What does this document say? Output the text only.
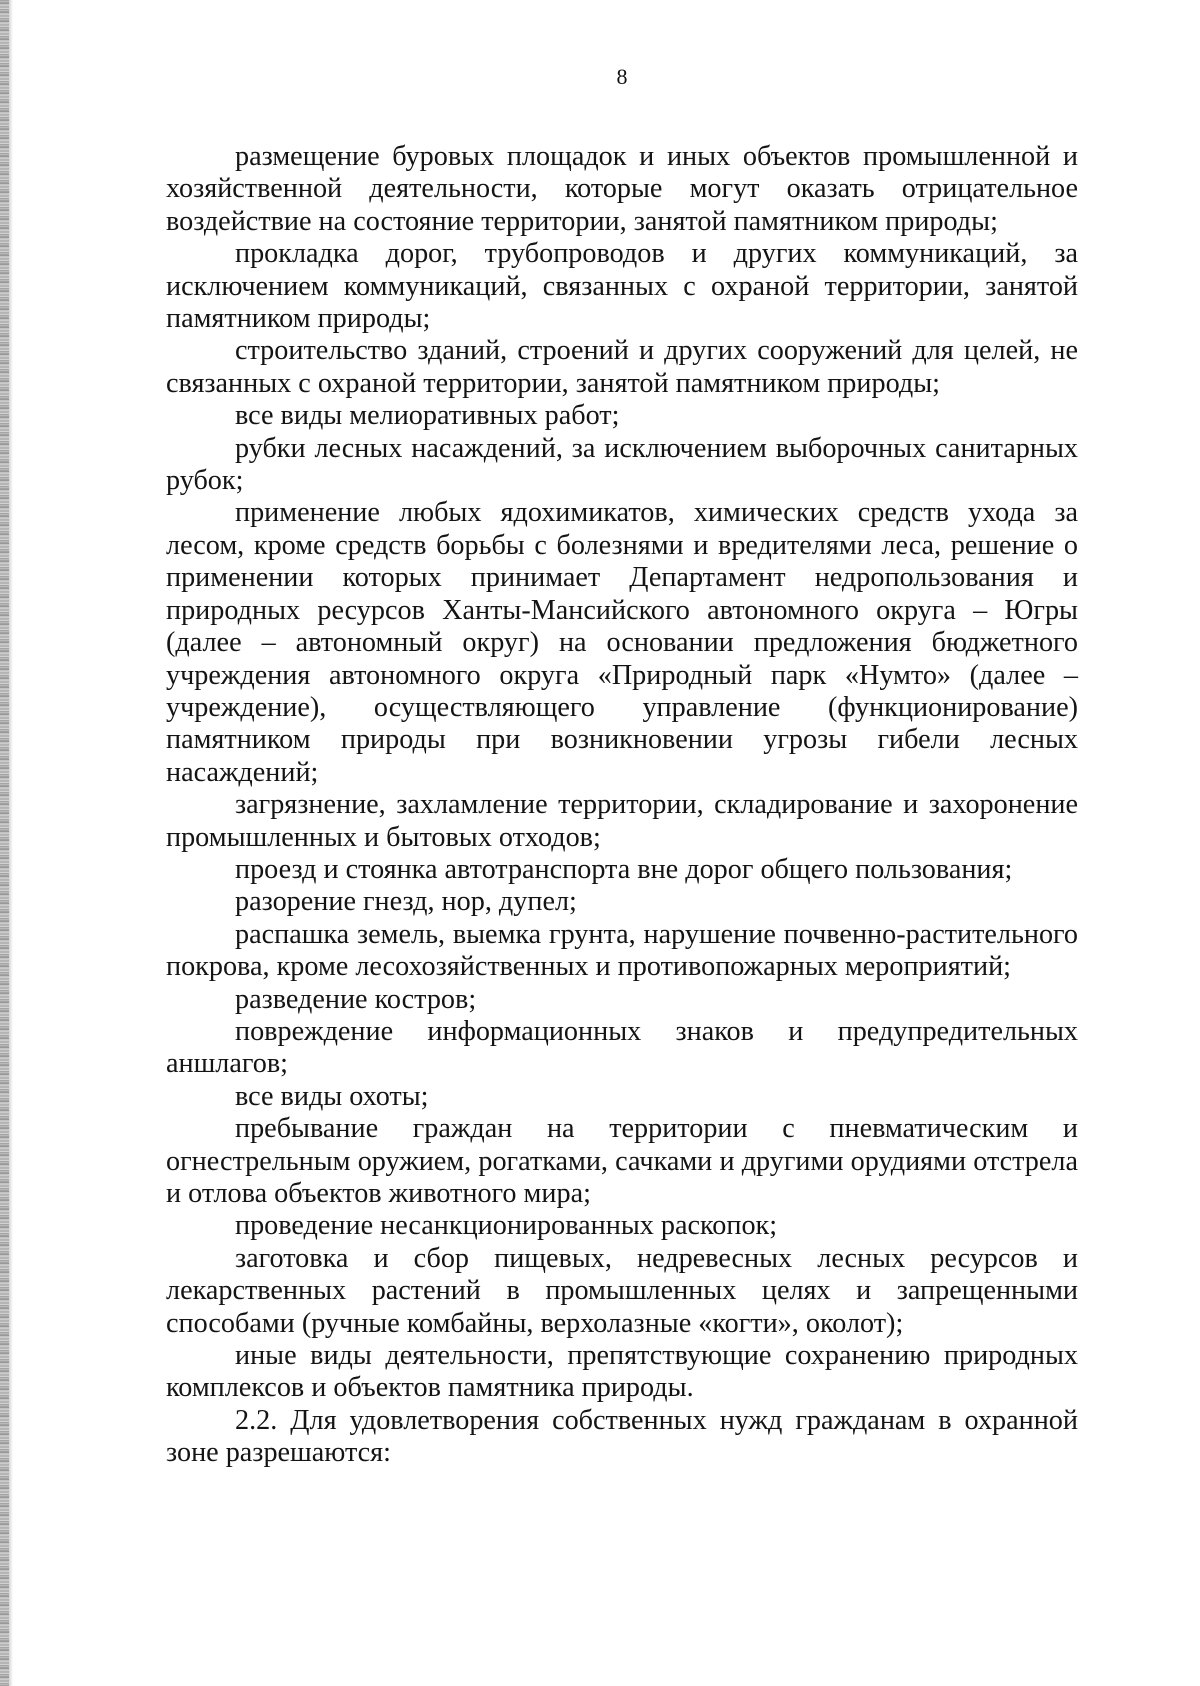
8

размещение буровых площадок и иных объектов промышленной и хозяйственной деятельности, которые могут оказать отрицательное воздействие на состояние территории, занятой памятником природы;

прокладка дорог, трубопроводов и других коммуникаций, за исключением коммуникаций, связанных с охраной территории, занятой памятником природы;

строительство зданий, строений и других сооружений для целей, не связанных с охраной территории, занятой памятником природы;

все виды мелиоративных работ;

рубки лесных насаждений, за исключением выборочных санитарных рубок;

применение любых ядохимикатов, химических средств ухода за лесом, кроме средств борьбы с болезнями и вредителями леса, решение о применении которых принимает Департамент недропользования и природных ресурсов Ханты-Мансийского автономного округа – Югры (далее – автономный округ) на основании предложения бюджетного учреждения автономного округа «Природный парк «Нумто» (далее – учреждение), осуществляющего управление (функционирование) памятником природы при возникновении угрозы гибели лесных насаждений;

загрязнение, захламление территории, складирование и захоронение промышленных и бытовых отходов;

проезд и стоянка автотранспорта вне дорог общего пользования;

разорение гнезд, нор, дупел;

распашка земель, выемка грунта, нарушение почвенно-растительного покрова, кроме лесохозяйственных и противопожарных мероприятий;

разведение костров;

повреждение информационных знаков и предупредительных аншлагов;

все виды охоты;

пребывание граждан на территории с пневматическим и огнестрельным оружием, рогатками, сачками и другими орудиями отстрела и отлова объектов животного мира;

проведение несанкционированных раскопок;

заготовка и сбор пищевых, недревесных лесных ресурсов и лекарственных растений в промышленных целях и запрещенными способами (ручные комбайны, верхолазные «когти», околот);

иные виды деятельности, препятствующие сохранению природных комплексов и объектов памятника природы.

2.2. Для удовлетворения собственных нужд гражданам в охранной зоне разрешаются:
